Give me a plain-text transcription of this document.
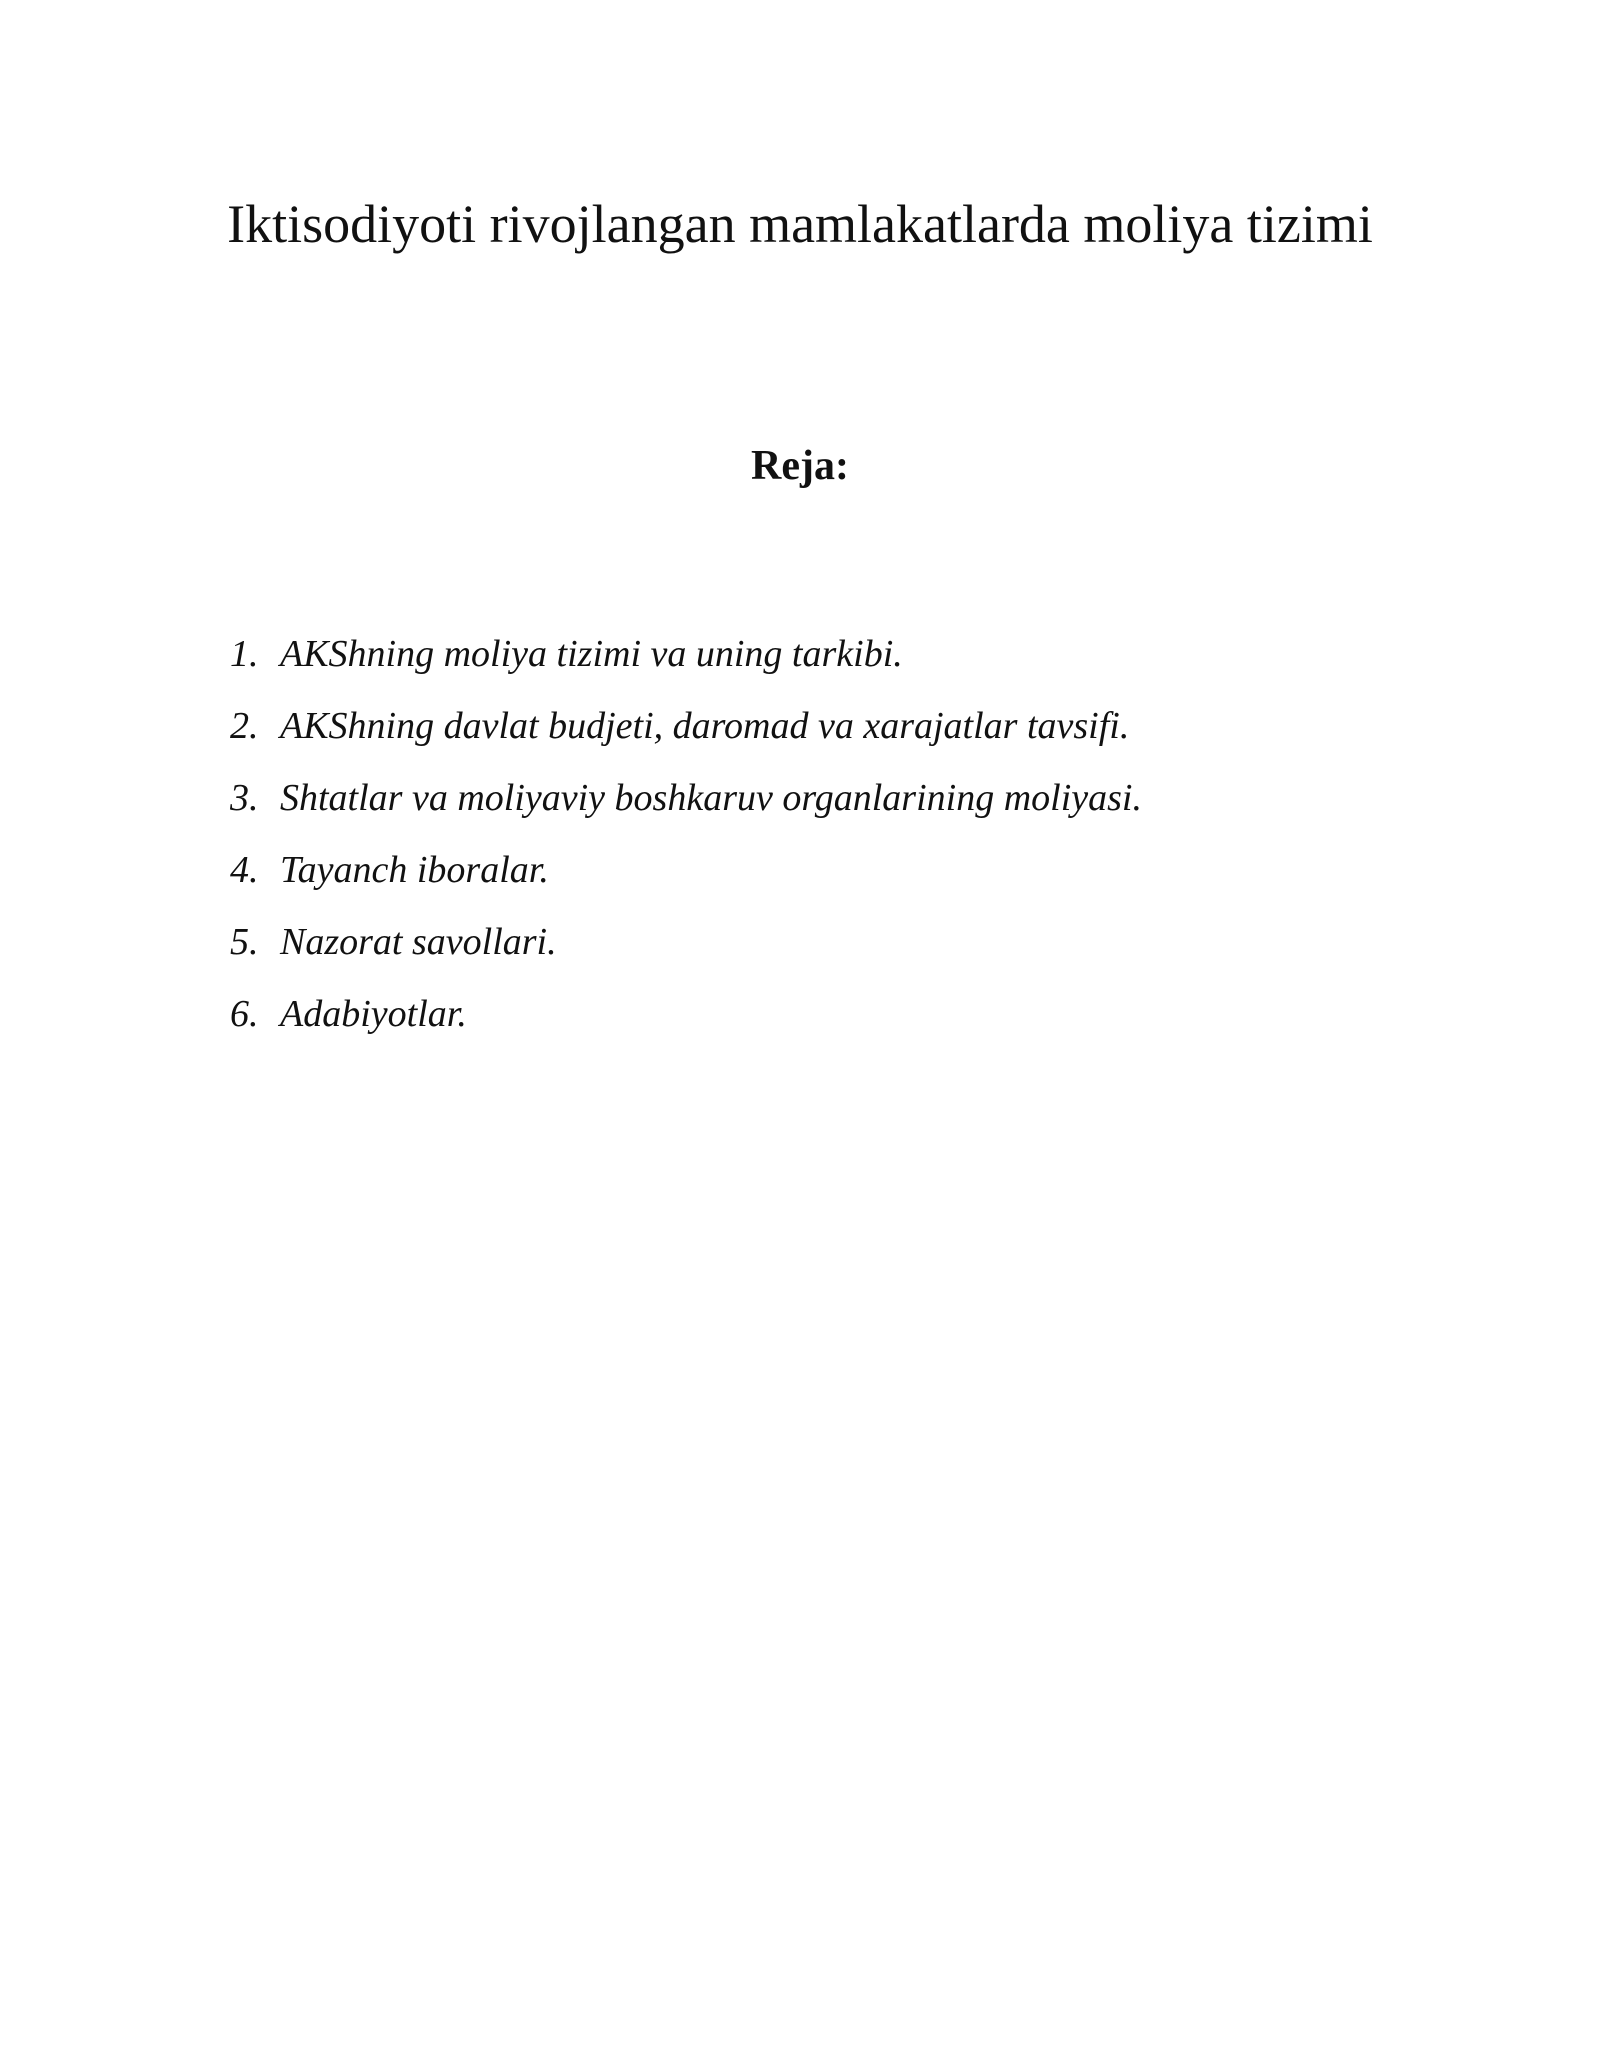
Iktisodiyoti rivojlangan mamlakatlarda moliya tizimi
Reja:
1. AKShning moliya tizimi va uning tarkibi.
2. AKShning davlat budjeti, daromad va xarajatlar tavsifi.
3. Shtatlar va moliyaviy boshkaruv organlarining moliyasi.
4. Tayanch iboralar.
5. Nazorat savollari.
6. Adabiyotlar.
